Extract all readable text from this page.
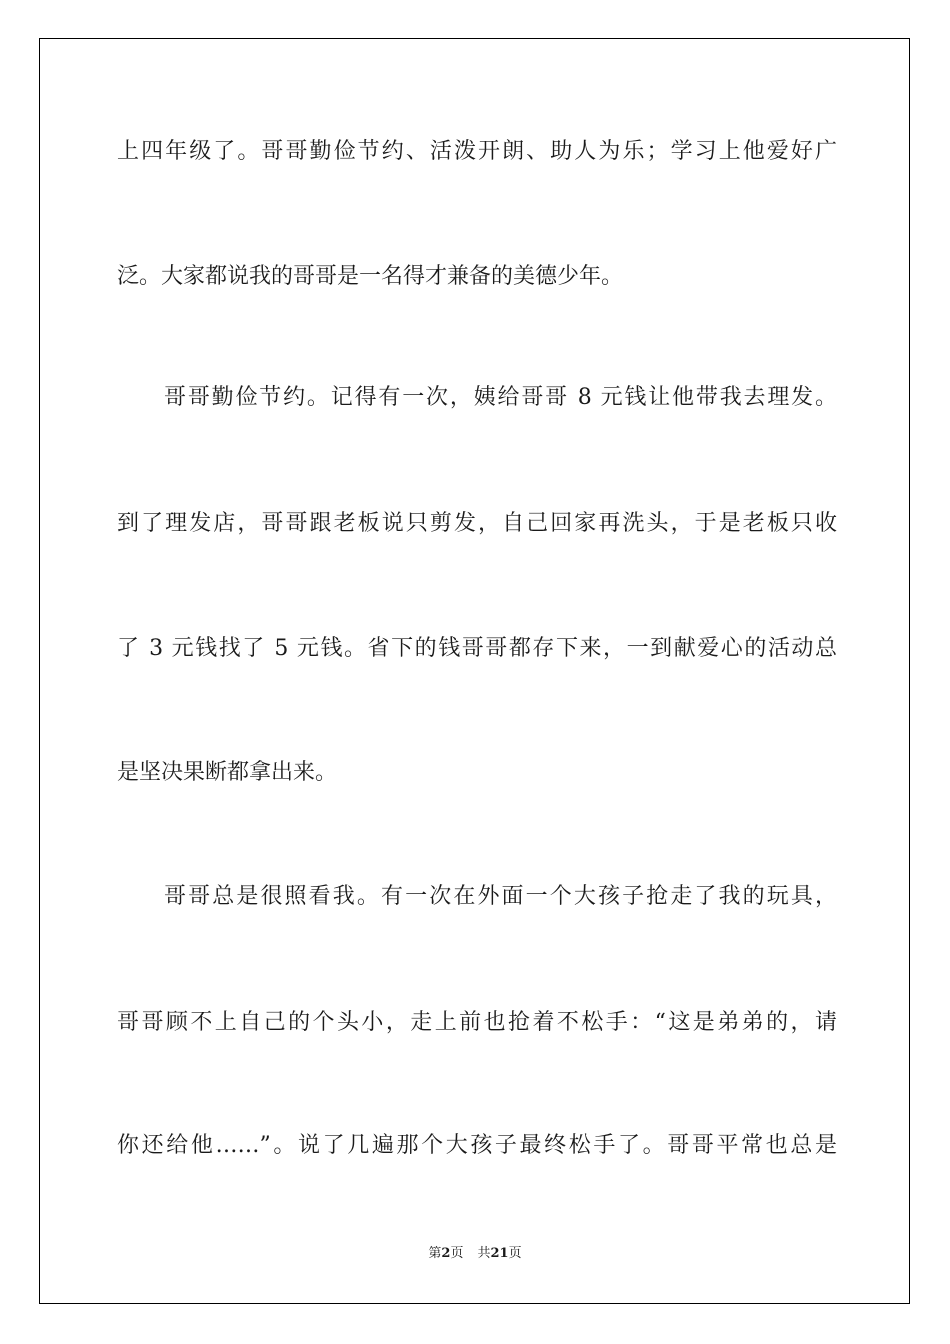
上四年级了。哥哥勤俭节约、活泼开朗、助人为乐；学习上他爱好广
泛。大家都说我的哥哥是一名得才兼备的美德少年。
哥哥勤俭节约。记得有一次，姨给哥哥 8 元钱让他带我去理发。
到了理发店，哥哥跟老板说只剪发，自己回家再洗头，于是老板只收
了 3 元钱找了 5 元钱。省下的钱哥哥都存下来，一到献爱心的活动总
是坚决果断都拿出来。
哥哥总是很照看我。有一次在外面一个大孩子抢走了我的玩具，
哥哥顾不上自己的个头小，走上前也抢着不松手：“这是弟弟的，请
你还给他……”。说了几遍那个大孩子最终松手了。哥哥平常也总是
第2页 共21页
